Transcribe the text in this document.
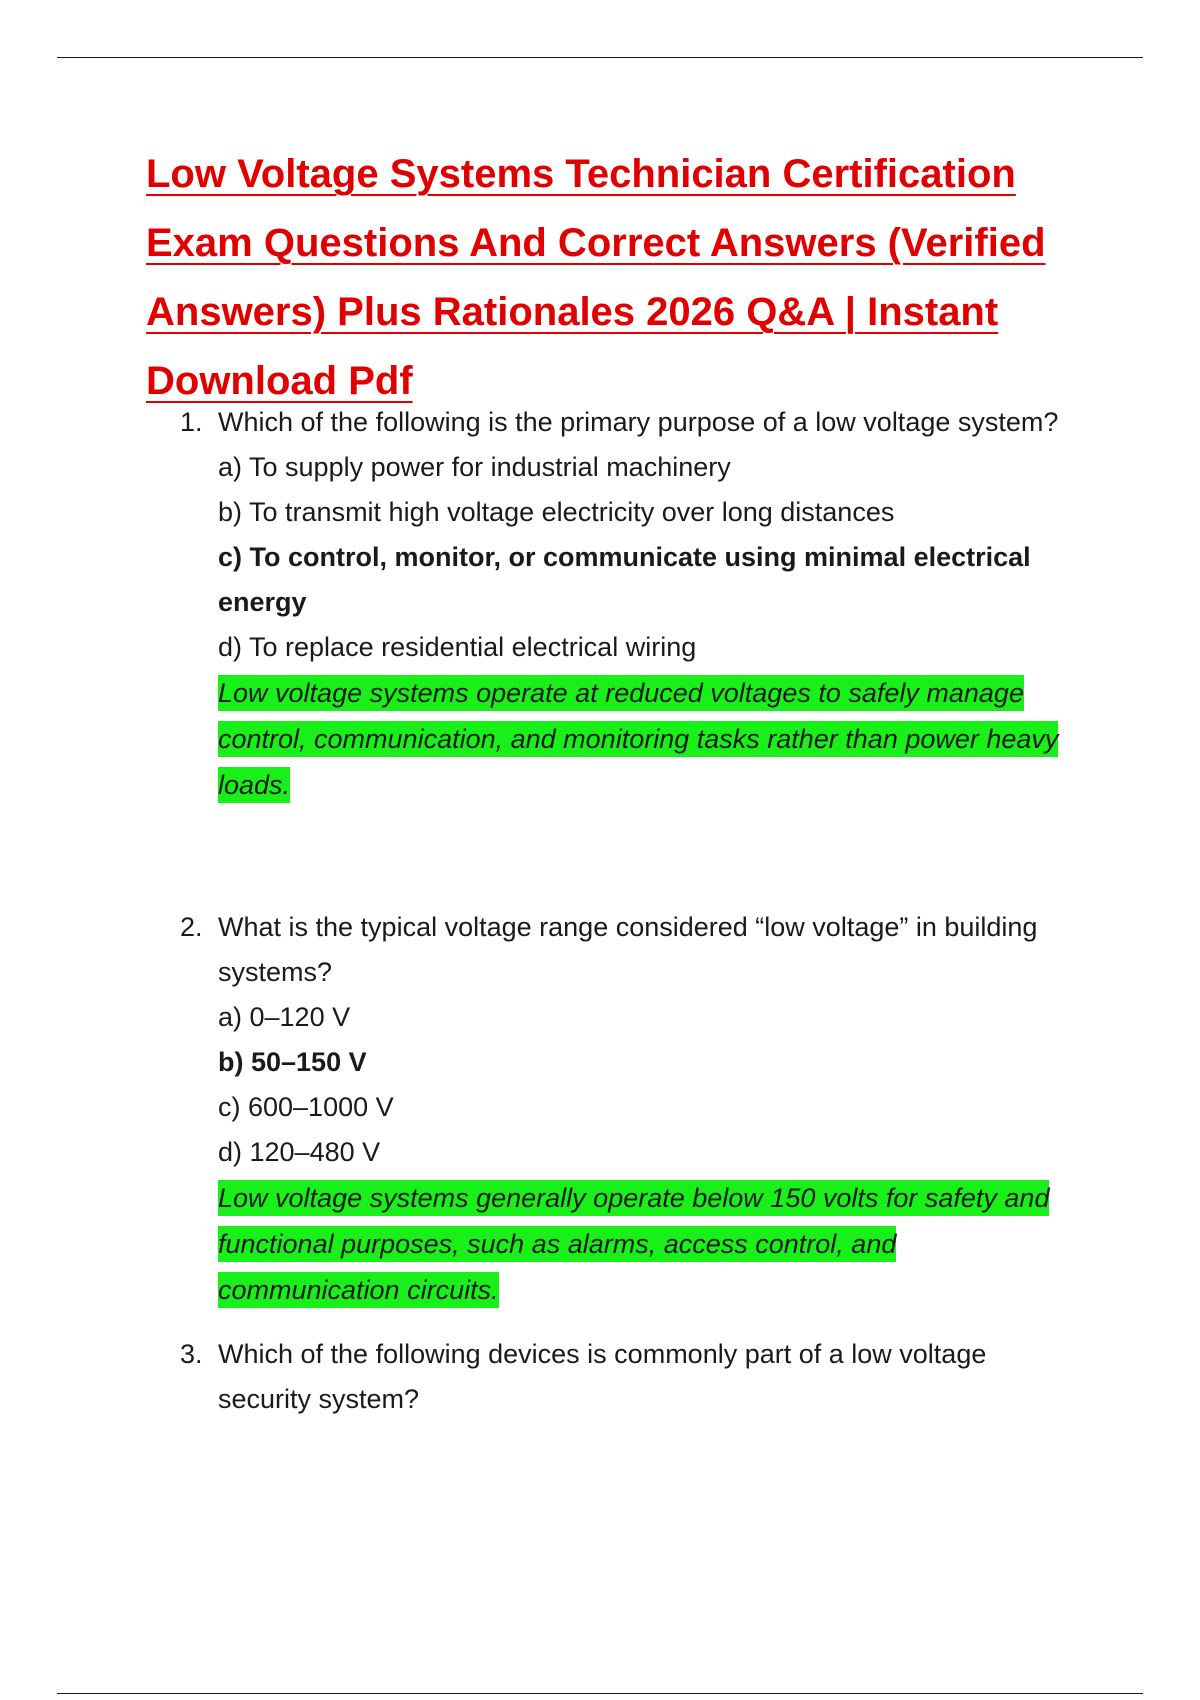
Low Voltage Systems Technician Certification Exam Questions And Correct Answers (Verified Answers) Plus Rationales 2026 Q&A | Instant Download Pdf
1. Which of the following is the primary purpose of a low voltage system?
a) To supply power for industrial machinery
b) To transmit high voltage electricity over long distances
c) To control, monitor, or communicate using minimal electrical energy
d) To replace residential electrical wiring
Low voltage systems operate at reduced voltages to safely manage control, communication, and monitoring tasks rather than power heavy loads.
2. What is the typical voltage range considered “low voltage” in building systems?
a) 0–120 V
b) 50–150 V
c) 600–1000 V
d) 120–480 V
Low voltage systems generally operate below 150 volts for safety and functional purposes, such as alarms, access control, and communication circuits.
3. Which of the following devices is commonly part of a low voltage security system?
